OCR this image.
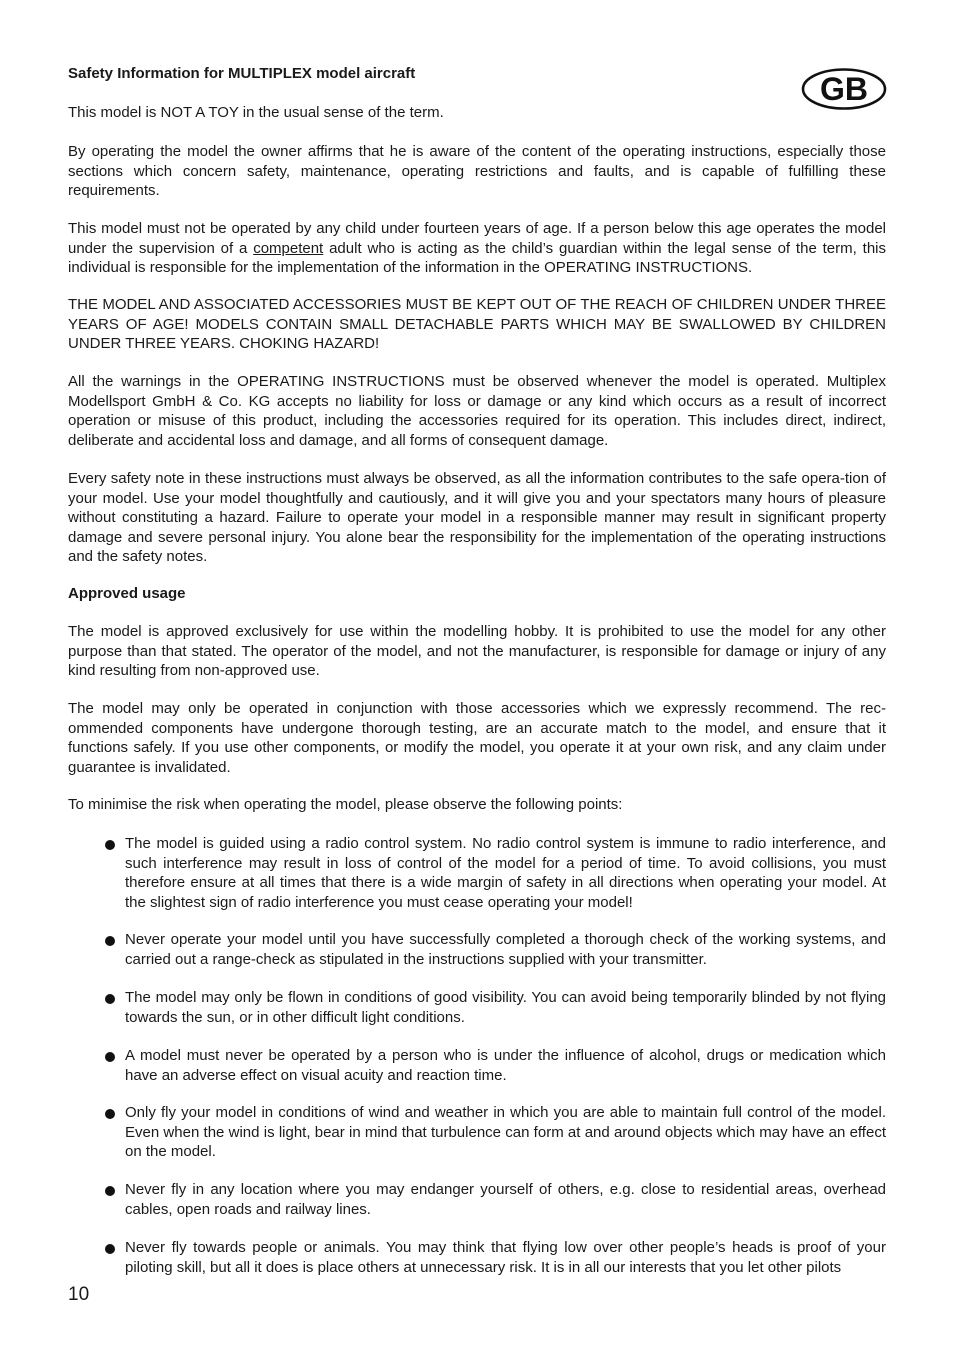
GB
Safety Information for MULTIPLEX model aircraft

This model is NOT A TOY in the usual sense of the term.

By operating the model the owner affirms that he is aware of the content of the operating instructions, especially those sections which concern safety, maintenance, operating restrictions and faults, and is capable of fulfilling these requirements.

This model must not be operated by any child under fourteen years of age. If a person below this age operates the model under the supervision of a competent adult who is acting as the child’s guardian within the legal sense of the term, this individual is responsible for the implementation of the information in the OPERATING INSTRUCTIONS.

THE MODEL AND ASSOCIATED ACCESSORIES MUST BE KEPT OUT OF THE REACH OF CHILDREN UNDER THREE YEARS OF AGE! MODELS CONTAIN SMALL DETACHABLE PARTS WHICH MAY BE SWALLOWED BY CHILDREN UNDER THREE YEARS. CHOKING HAZARD!

All the warnings in the OPERATING INSTRUCTIONS must be observed whenever the model is operated. Multiplex Modellsport GmbH & Co. KG accepts no liability for loss or damage or any kind which occurs as a result of incorrect operation or misuse of this product, including the accessories required for its operation. This includes direct, indirect, deliberate and accidental loss and damage, and all forms of consequent damage.

Every safety note in these instructions must always be observed, as all the information contributes to the safe opera-tion of your model. Use your model thoughtfully and cautiously, and it will give you and your spectators many hours of pleasure without constituting a hazard. Failure to operate your model in a responsible manner may result in significant property damage and severe personal injury. You alone bear the responsibility for the implementation of the operating instructions and the safety notes.

Approved usage

The model is approved exclusively for use within the modelling hobby. It is prohibited to use the model for any other purpose than that stated. The operator of the model, and not the manufacturer, is responsible for damage or injury of any kind resulting from non-approved use.

The model may only be operated in conjunction with those accessories which we expressly recommend. The rec-ommended components have undergone thorough testing, are an accurate match to the model, and ensure that it functions safely. If you use other components, or modify the model, you operate it at your own risk, and any claim under guarantee is invalidated.

To minimise the risk when operating the model, please observe the following points:

The model is guided using a radio control system. No radio control system is immune to radio interference, and such interference may result in loss of control of the model for a period of time. To avoid collisions, you must therefore ensure at all times that there is a wide margin of safety in all directions when operating your model. At the slightest sign of radio interference you must cease operating your model!
Never operate your model until you have successfully completed a thorough check of the working systems, and carried out a range-check as stipulated in the instructions supplied with your transmitter.
The model may only be flown in conditions of good visibility. You can avoid being temporarily blinded by not flying towards the sun, or in other difficult light conditions.
A model must never be operated by a person who is under the influence of alcohol, drugs or medication which have an adverse effect on visual acuity and reaction time.
Only fly your model in conditions of wind and weather in which you are able to maintain full control of the model. Even when the wind is light, bear in mind that turbulence can form at and around objects which may have an effect on the model.
Never fly in any location where you may endanger yourself of others, e.g. close to residential areas, overhead cables, open roads and railway lines.
Never fly towards people or animals. You may think that flying low over other people’s heads is proof of your piloting skill, but all it does is place others at unnecessary risk. It is in all our interests that you let other pilots
10
